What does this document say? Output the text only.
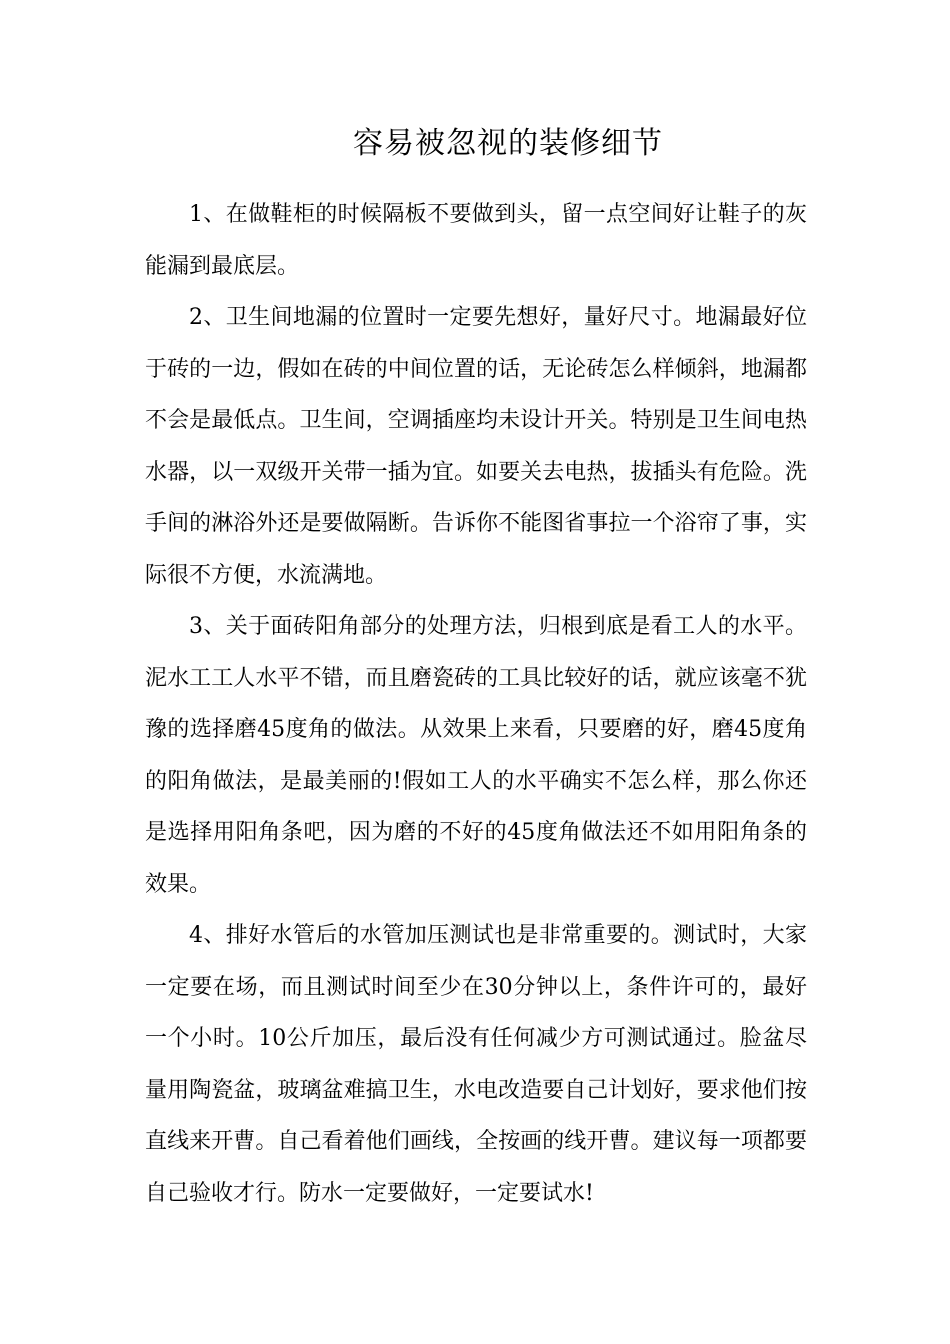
容易被忽视的装修细节

1、在做鞋柜的时候隔板不要做到头，留一点空间好让鞋子的灰能漏到最底层。

2、卫生间地漏的位置时一定要先想好，量好尺寸。地漏最好位于砖的一边，假如在砖的中间位置的话，无论砖怎么样倾斜，地漏都不会是最低点。卫生间，空调插座均未设计开关。特别是卫生间电热水器，以一双级开关带一插为宜。如要关去电热，拔插头有危险。洗手间的淋浴外还是要做隔断。告诉你不能图省事拉一个浴帘了事，实际很不方便，水流满地。

3、关于面砖阳角部分的处理方法，归根到底是看工人的水平。泥水工工人水平不错，而且磨瓷砖的工具比较好的话，就应该毫不犹豫的选择磨45度角的做法。从效果上来看，只要磨的好，磨45度角的阳角做法，是最美丽的!假如工人的水平确实不怎么样，那么你还是选择用阳角条吧，因为磨的不好的45度角做法还不如用阳角条的效果。

4、排好水管后的水管加压测试也是非常重要的。测试时，大家一定要在场，而且测试时间至少在30分钟以上，条件许可的，最好一个小时。10公斤加压，最后没有任何减少方可测试通过。脸盆尽量用陶瓷盆，玻璃盆难搞卫生，水电改造要自己计划好，要求他们按直线来开曹。自己看着他们画线，全按画的线开曹。建议每一项都要自己验收才行。防水一定要做好，一定要试水!
